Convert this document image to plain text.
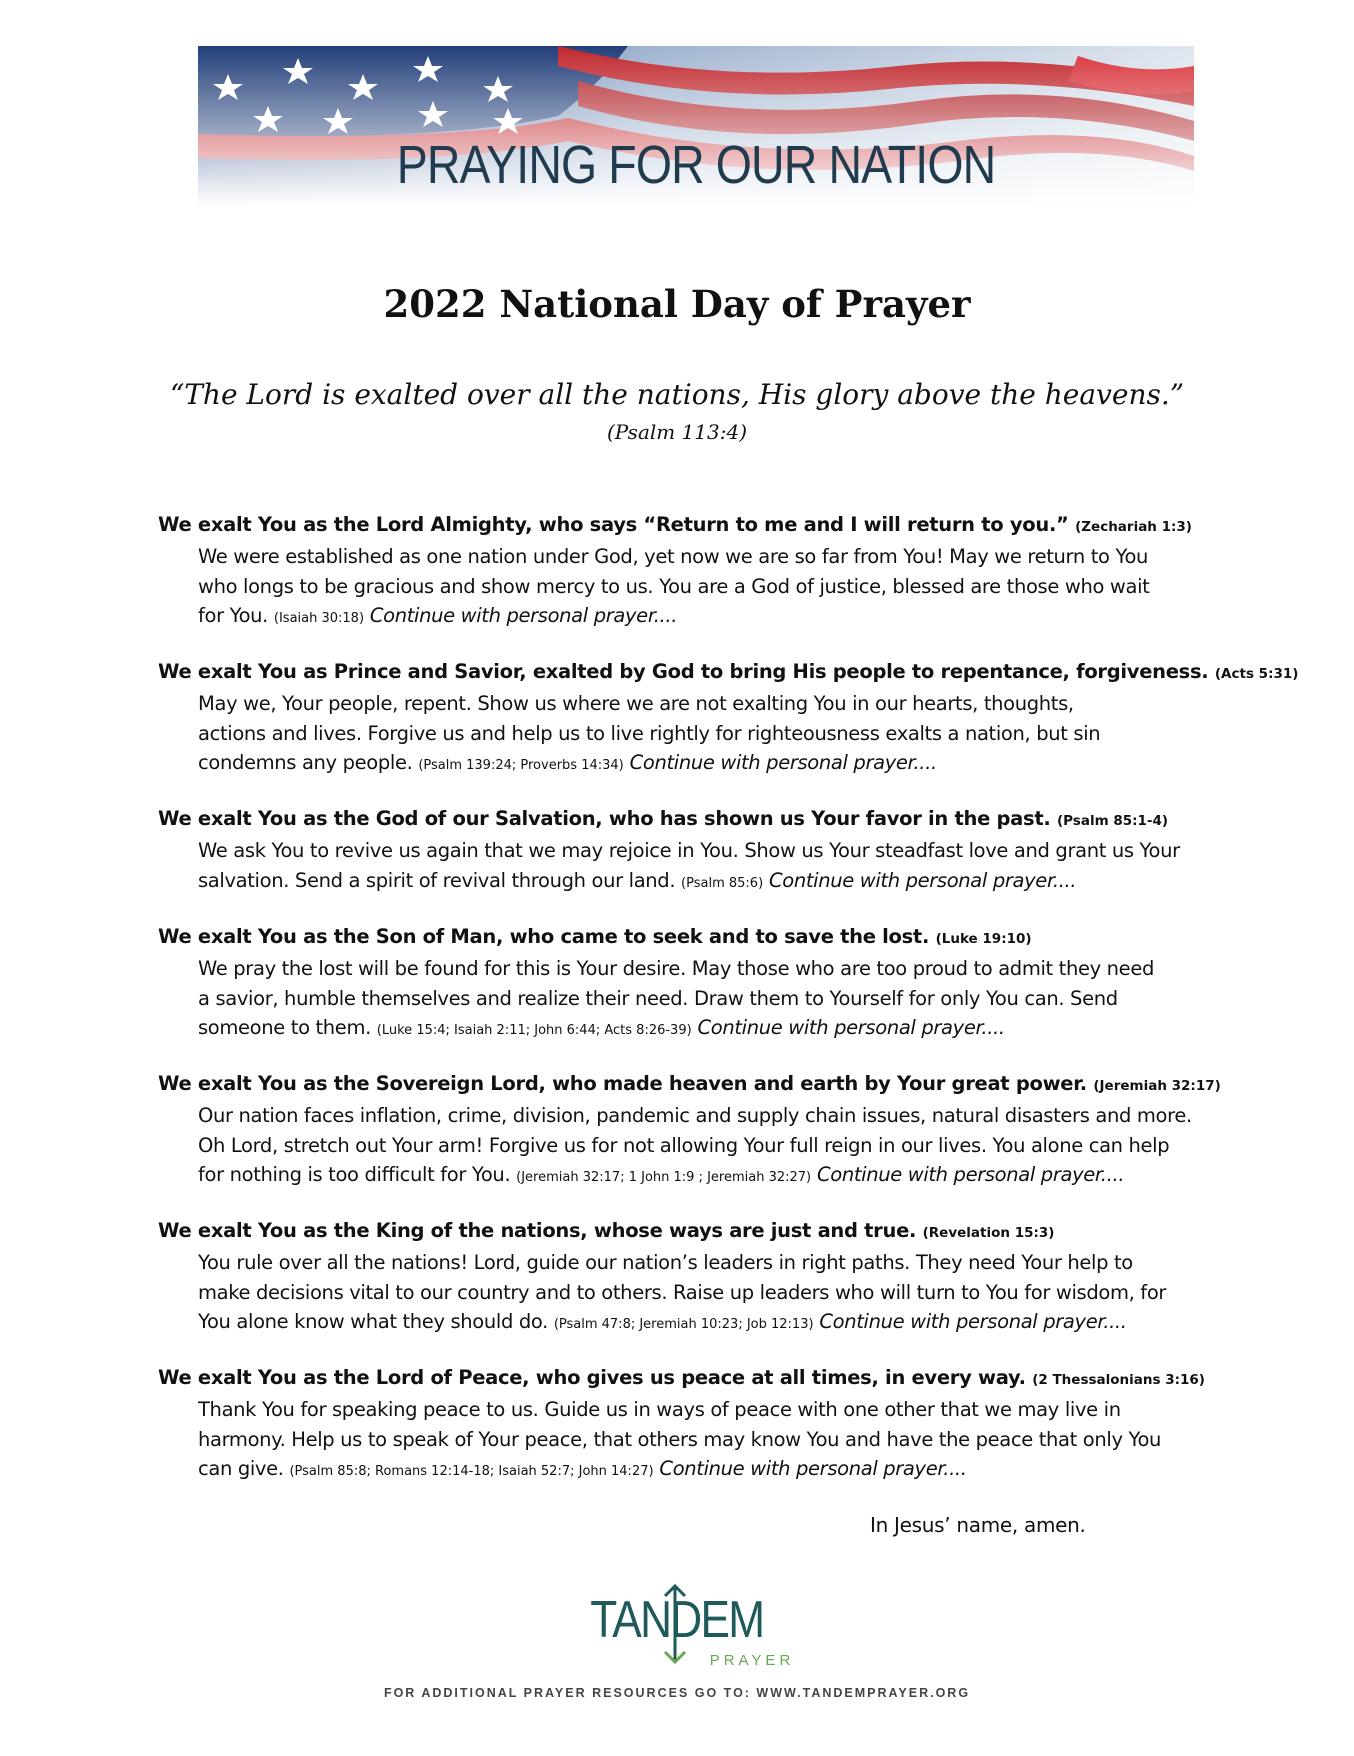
PRAYING FOR OUR NATION
2022 National Day of Prayer
“The Lord is exalted over all the nations, His glory above the heavens.”
(Psalm 113:4)
We exalt You as the Lord Almighty, who says “Return to me and I will return to you.” (Zechariah 1:3)
We were established as one nation under God, yet now we are so far from You! May we return to You
who longs to be gracious and show mercy to us. You are a God of justice, blessed are those who wait
for You. (Isaiah 30:18) Continue with personal prayer....
We exalt You as Prince and Savior, exalted by God to bring His people to repentance, forgiveness. (Acts 5:31)
May we, Your people, repent. Show us where we are not exalting You in our hearts, thoughts,
actions and lives. Forgive us and help us to live rightly for righteousness exalts a nation, but sin
condemns any people. (Psalm 139:24; Proverbs 14:34) Continue with personal prayer....
We exalt You as the God of our Salvation, who has shown us Your favor in the past. (Psalm 85:1-4)
We ask You to revive us again that we may rejoice in You. Show us Your steadfast love and grant us Your
salvation. Send a spirit of revival through our land. (Psalm 85:6) Continue with personal prayer....
We exalt You as the Son of Man, who came to seek and to save the lost. (Luke 19:10)
We pray the lost will be found for this is Your desire. May those who are too proud to admit they need
a savior, humble themselves and realize their need. Draw them to Yourself for only You can. Send
someone to them. (Luke 15:4; Isaiah 2:11; John 6:44; Acts 8:26-39) Continue with personal prayer....
We exalt You as the Sovereign Lord, who made heaven and earth by Your great power. (Jeremiah 32:17)
Our nation faces inflation, crime, division, pandemic and supply chain issues, natural disasters and more.
Oh Lord, stretch out Your arm! Forgive us for not allowing Your full reign in our lives. You alone can help
for nothing is too difficult for You. (Jeremiah 32:17; 1 John 1:9 ; Jeremiah 32:27) Continue with personal prayer....
We exalt You as the King of the nations, whose ways are just and true. (Revelation 15:3)
You rule over all the nations! Lord, guide our nation’s leaders in right paths. They need Your help to
make decisions vital to our country and to others. Raise up leaders who will turn to You for wisdom, for
You alone know what they should do. (Psalm 47:8; Jeremiah 10:23; Job 12:13) Continue with personal prayer....
We exalt You as the Lord of Peace, who gives us peace at all times, in every way. (2 Thessalonians 3:16)
Thank You for speaking peace to us. Guide us in ways of peace with one other that we may live in
harmony. Help us to speak of Your peace, that others may know You and have the peace that only You
can give. (Psalm 85:8; Romans 12:14-18; Isaiah 52:7; John 14:27) Continue with personal prayer....
In Jesus’ name, amen.
TANDEM
PRAYER
FOR ADDITIONAL PRAYER RESOURCES GO TO: WWW.TANDEMPRAYER.ORG
